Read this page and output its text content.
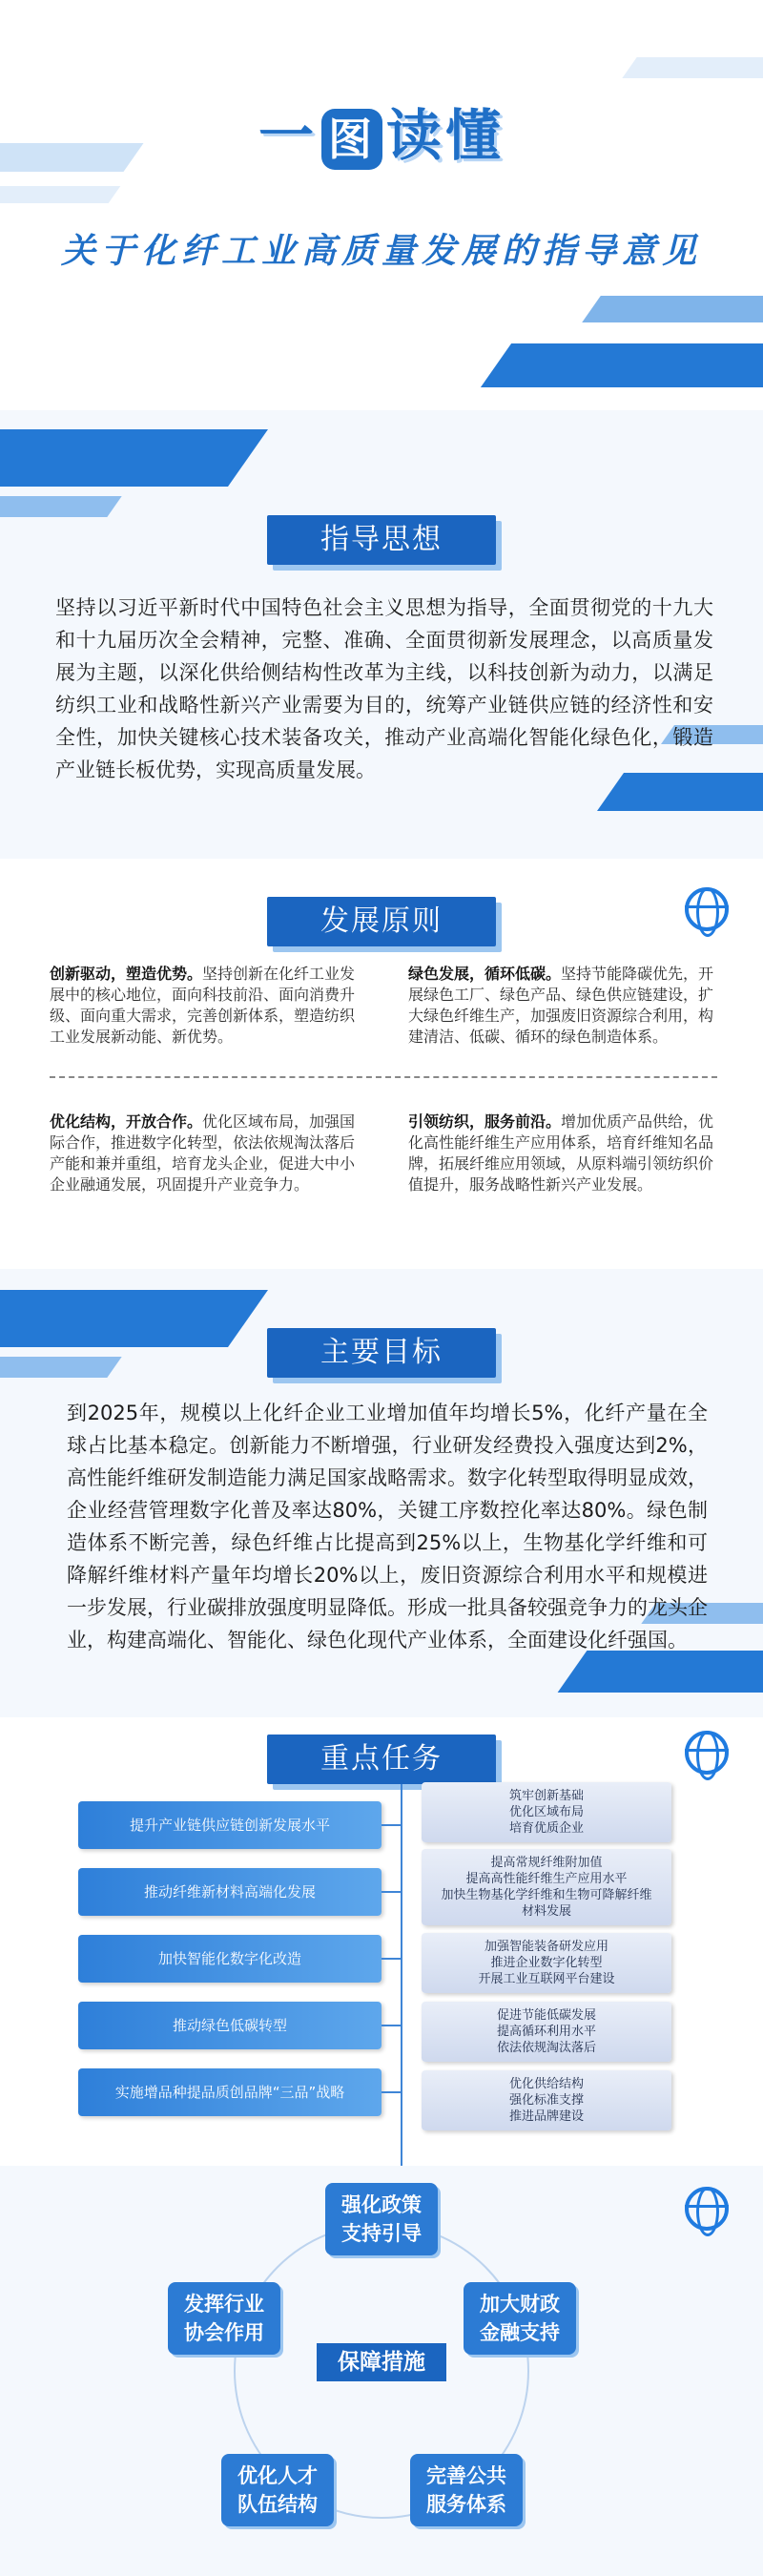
一 图 读懂
关于化纤工业高质量发展的指导意见
指导思想
坚持以习近平新时代中国特色社会主义思想为指导，全面贯彻党的十九大和十九届历次全会精神，完整、准确、全面贯彻新发展理念，以高质量发展为主题，以深化供给侧结构性改革为主线，以科技创新为动力，以满足纺织工业和战略性新兴产业需要为目的，统筹产业链供应链的经济性和安全性，加快关键核心技术装备攻关，推动产业高端化智能化绿色化，锻造产业链长板优势，实现高质量发展。
发展原则
创新驱动，塑造优势。坚持创新在化纤工业发展中的核心地位，面向科技前沿、面向消费升级、面向重大需求，完善创新体系，塑造纺织工业发展新动能、新优势。
绿色发展，循环低碳。坚持节能降碳优先，开展绿色工厂、绿色产品、绿色供应链建设，扩大绿色纤维生产，加强废旧资源综合利用，构建清洁、低碳、循环的绿色制造体系。
优化结构，开放合作。优化区域布局，加强国际合作，推进数字化转型，依法依规淘汰落后产能和兼并重组，培育龙头企业，促进大中小企业融通发展，巩固提升产业竞争力。
引领纺织，服务前沿。增加优质产品供给，优化高性能纤维生产应用体系，培育纤维知名品牌，拓展纤维应用领域，从原料端引领纺织价值提升，服务战略性新兴产业发展。
主要目标
到2025年，规模以上化纤企业工业增加值年均增长5%，化纤产量在全球占比基本稳定。创新能力不断增强，行业研发经费投入强度达到2%，高性能纤维研发制造能力满足国家战略需求。数字化转型取得明显成效，企业经营管理数字化普及率达80%，关键工序数控化率达80%。绿色制造体系不断完善，绿色纤维占比提高到25%以上，生物基化学纤维和可降解纤维材料产量年均增长20%以上，废旧资源综合利用水平和规模进一步发展，行业碳排放强度明显降低。形成一批具备较强竞争力的龙头企业，构建高端化、智能化、绿色化现代产业体系，全面建设化纤强国。
重点任务
提升产业链供应链创新发展水平
推动纤维新材料高端化发展
加快智能化数字化改造
推动绿色低碳转型
实施增品种提品质创品牌“三品”战略
筑牢创新基础
优化区域布局
培育优质企业
提高常规纤维附加值
提高高性能纤维生产应用水平
加快生物基化学纤维和生物可降解纤维
材料发展
加强智能装备研发应用
推进企业数字化转型
开展工业互联网平台建设
促进节能低碳发展
提高循环利用水平
依法依规淘汰落后
优化供给结构
强化标准支撑
推进品牌建设
强化政策
支持引导
加大财政
金融支持
完善公共
服务体系
优化人才
队伍结构
发挥行业
协会作用
保障措施
